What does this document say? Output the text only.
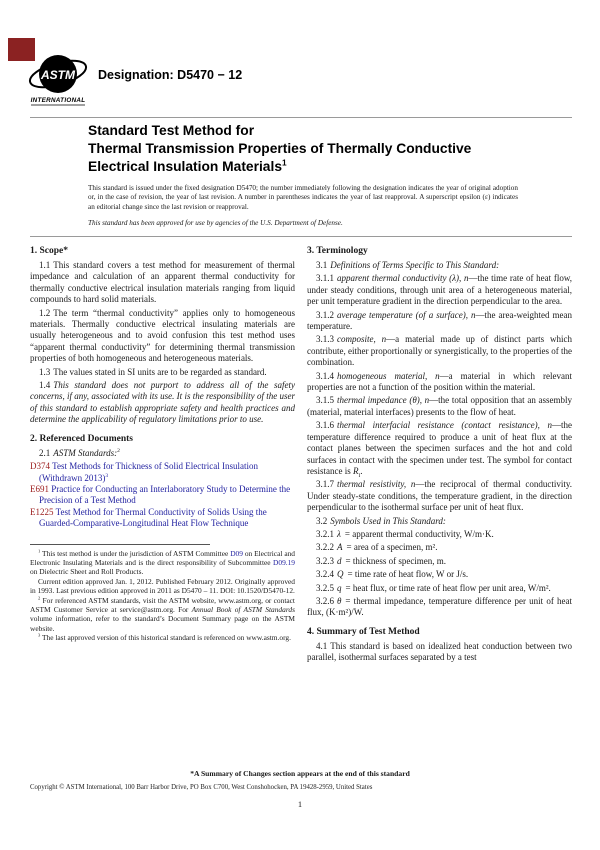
ASTM
INTERNATIONAL
Designation: D5470 − 12
Standard Test Method for
Thermal Transmission Properties of Thermally Conductive
Electrical Insulation Materials$^1$
This standard is issued under the fixed designation D5470; the number immediately following the designation indicates the year of original adoption or, in the case of revision, the year of last revision. A number in parentheses indicates the year of last reapproval. A superscript epsilon (ε) indicates an editorial change since the last revision or reapproval.
This standard has been approved for use by agencies of the U.S. Department of Defense.
1. Scope*

1.1 This standard covers a test method for measurement of thermal impedance and calculation of an apparent thermal conductivity for thermally conductive electrical insulation materials ranging from liquid compounds to hard solid materials.

1.2 The term “thermal conductivity” applies only to homogeneous materials. Thermally conductive electrical insulating materials are usually heterogeneous and to avoid confusion this test method uses “apparent thermal conductivity” for determining thermal transmission properties of both homogeneous and heterogeneous materials.

1.3 The values stated in SI units are to be regarded as standard.

1.4 This standard does not purport to address all of the safety concerns, if any, associated with its use. It is the responsibility of the user of this standard to establish appropriate safety and health practices and determine the applicability of regulatory limitations prior to use.

2. Referenced Documents

2.1 ASTM Standards:$^2$

D374 Test Methods for Thickness of Solid Electrical Insulation (Withdrawn 2013)$^3$

E691 Practice for Conducting an Interlaboratory Study to Determine the Precision of a Test Method

E1225 Test Method for Thermal Conductivity of Solids Using the Guarded-Comparative-Longitudinal Heat Flow Technique

$^1$ This test method is under the jurisdiction of ASTM Committee D09 on Electrical and Electronic Insulating Materials and is the direct responsibility of Subcommittee D09.19 on Dielectric Sheet and Roll Products.

Current edition approved Jan. 1, 2012. Published February 2012. Originally approved in 1993. Last previous edition approved in 2011 as D5470 – 11. DOI: 10.1520/D5470-12.

$^2$ For referenced ASTM standards, visit the ASTM website, www.astm.org, or contact ASTM Customer Service at service@astm.org. For Annual Book of ASTM Standards volume information, refer to the standard’s Document Summary page on the ASTM website.

$^3$ The last approved version of this historical standard is referenced on www.astm.org.

3. Terminology

3.1 Definitions of Terms Specific to This Standard:

3.1.1 apparent thermal conductivity (λ), n—the time rate of heat flow, under steady conditions, through unit area of a heterogeneous material, per unit temperature gradient in the direction perpendicular to the area.

3.1.2 average temperature (of a surface), n—the area-weighted mean temperature.

3.1.3 composite, n—a material made up of distinct parts which contribute, either proportionally or synergistically, to the properties of the combination.

3.1.4 homogeneous material, n—a material in which relevant properties are not a function of the position within the material.

3.1.5 thermal impedance (θ), n—the total opposition that an assembly (material, material interfaces) presents to the flow of heat.

3.1.6 thermal interfacial resistance (contact resistance), n—the temperature difference required to produce a unit of heat flux at the contact planes between the specimen surfaces and the hot and cold surfaces in contact with the specimen under test. The symbol for contact resistance is $R_I$.

3.1.7 thermal resistivity, n—the reciprocal of thermal conductivity. Under steady-state conditions, the temperature gradient, in the direction perpendicular to the isothermal surface per unit of heat flux.

3.2 Symbols Used in This Standard:

3.2.1 λ = apparent thermal conductivity, W/m·K.

3.2.2 A = area of a specimen, m².

3.2.3 d = thickness of specimen, m.

3.2.4 Q = time rate of heat flow, W or J/s.

3.2.5 q = heat flux, or time rate of heat flow per unit area, W/m².

3.2.6 θ = thermal impedance, temperature difference per unit of heat flux, (K·m²)/W.

4. Summary of Test Method

4.1 This standard is based on idealized heat conduction between two parallel, isothermal surfaces separated by a test

*A Summary of Changes section appears at the end of this standard
Copyright © ASTM International, 100 Barr Harbor Drive, PO Box C700, West Conshohocken, PA 19428-2959, United States
1
